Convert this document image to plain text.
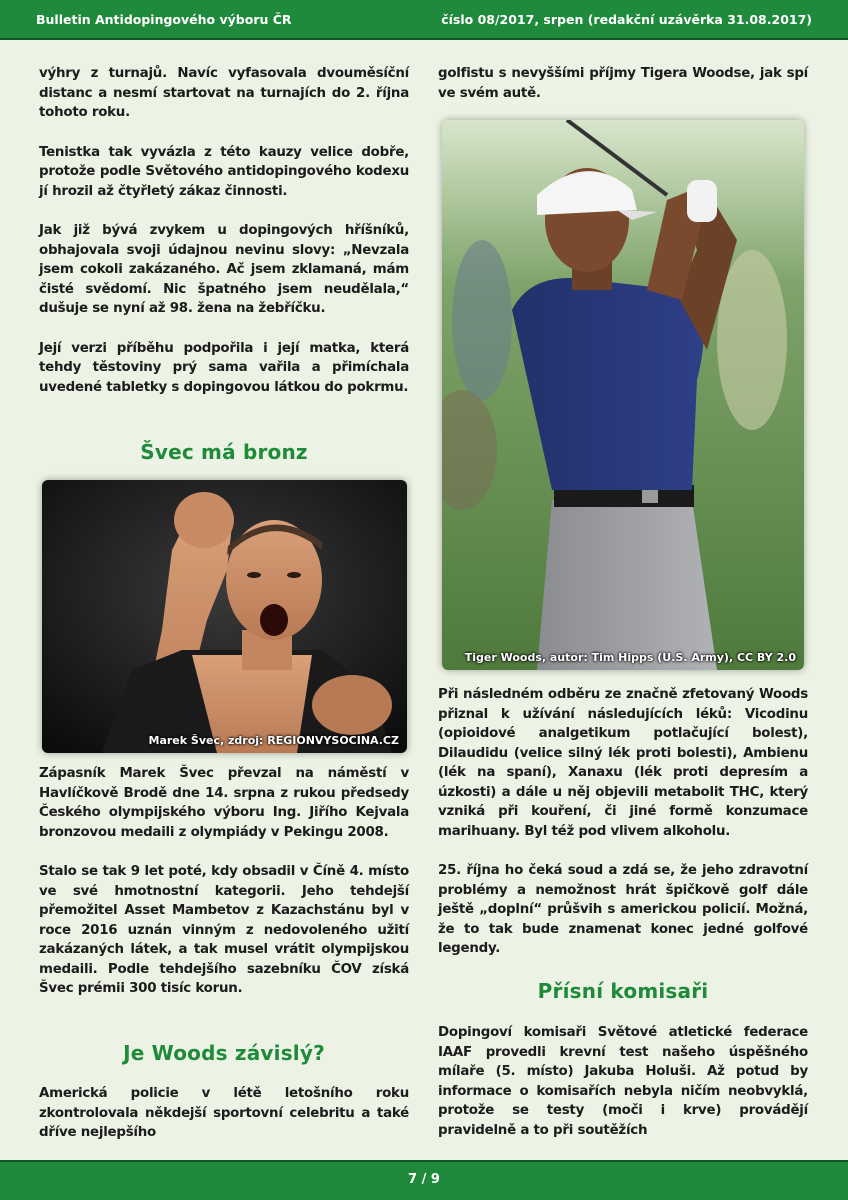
Bulletin Antidopingového výboru ČR	číslo 08/2017, srpen (redakční uzávěrka 31.08.2017)

výhry z turnajů. Navíc vyfasovala dvouměsíční distanc a nesmí startovat na turnajích do 2. října tohoto roku.

Tenistka tak vyvázla z této kauzy velice dobře, protože podle Světového antidopingového kodexu jí hrozil až čtyřletý zákaz činnosti.

Jak již bývá zvykem u dopingových hříšníků, obhajovala svoji údajnou nevinu slovy: „Nevzala jsem cokoli zakázaného. Ač jsem zklamaná, mám čisté svědomí. Nic špatného jsem neudělala,“ dušuje se nyní až 98. žena na žebříčku.

Její verzi příběhu podpořila i její matka, která tehdy těstoviny prý sama vařila a přimíchala uvedené tabletky s dopingovou látkou do pokrmu.

Švec má bronz
Marek Švec, zdroj: REGIONVYSOCINA.CZ

Zápasník Marek Švec převzal na náměstí v Havlíčkově Brodě dne 14. srpna z rukou předsedy Českého olympijského výboru Ing. Jiřího Kejvala bronzovou medaili z olympiády v Pekingu 2008.

Stalo se tak 9 let poté, kdy obsadil v Číně 4. místo ve své hmotnostní kategorii. Jeho tehdejší přemožitel Asset Mambetov z Kazachstánu byl v roce 2016 uznán vinným z nedovoleného užití zakázaných látek, a tak musel vrátit olympijskou medaili. Podle tehdejšího sazebníku ČOV získá Švec prémii 300 tisíc korun.

Je Woods závislý?

Americká policie v létě letošního roku zkontrolovala někdejší sportovní celebritu a také dříve nejlepšího

golfistu s nevyššími příjmy Tigera Woodse, jak spí ve svém autě.

Tiger Woods, autor: Tim Hipps (U.S. Army), CC BY 2.0

Při následném odběru ze značně zfetovaný Woods přiznal k užívání následujících léků: Vicodinu (opioidové analgetikum potlačující bolest), Dilaudidu (velice silný lék proti bolesti), Ambienu (lék na spaní), Xanaxu (lék proti depresím a úzkosti) a dále u něj objevili metabolit THC, který vzniká při kouření, či jiné formě konzumace marihuany. Byl též pod vlivem alkoholu.

25. října ho čeká soud a zdá se, že jeho zdravotní problémy a nemožnost hrát špičkově golf dále ještě „doplní“ průšvih s americkou policií. Možná, že to tak bude znamenat konec jedné golfové legendy.

Přísní komisaři

Dopingoví komisaři Světové atletické federace IAAF provedli krevní test našeho úspěšného mílaře (5. místo) Jakuba Holuši. Až potud by informace o komisařích nebyla ničím neobvyklá, protože se testy (moči i krve) provádějí pravidelně a to při soutěžích

7 / 9
